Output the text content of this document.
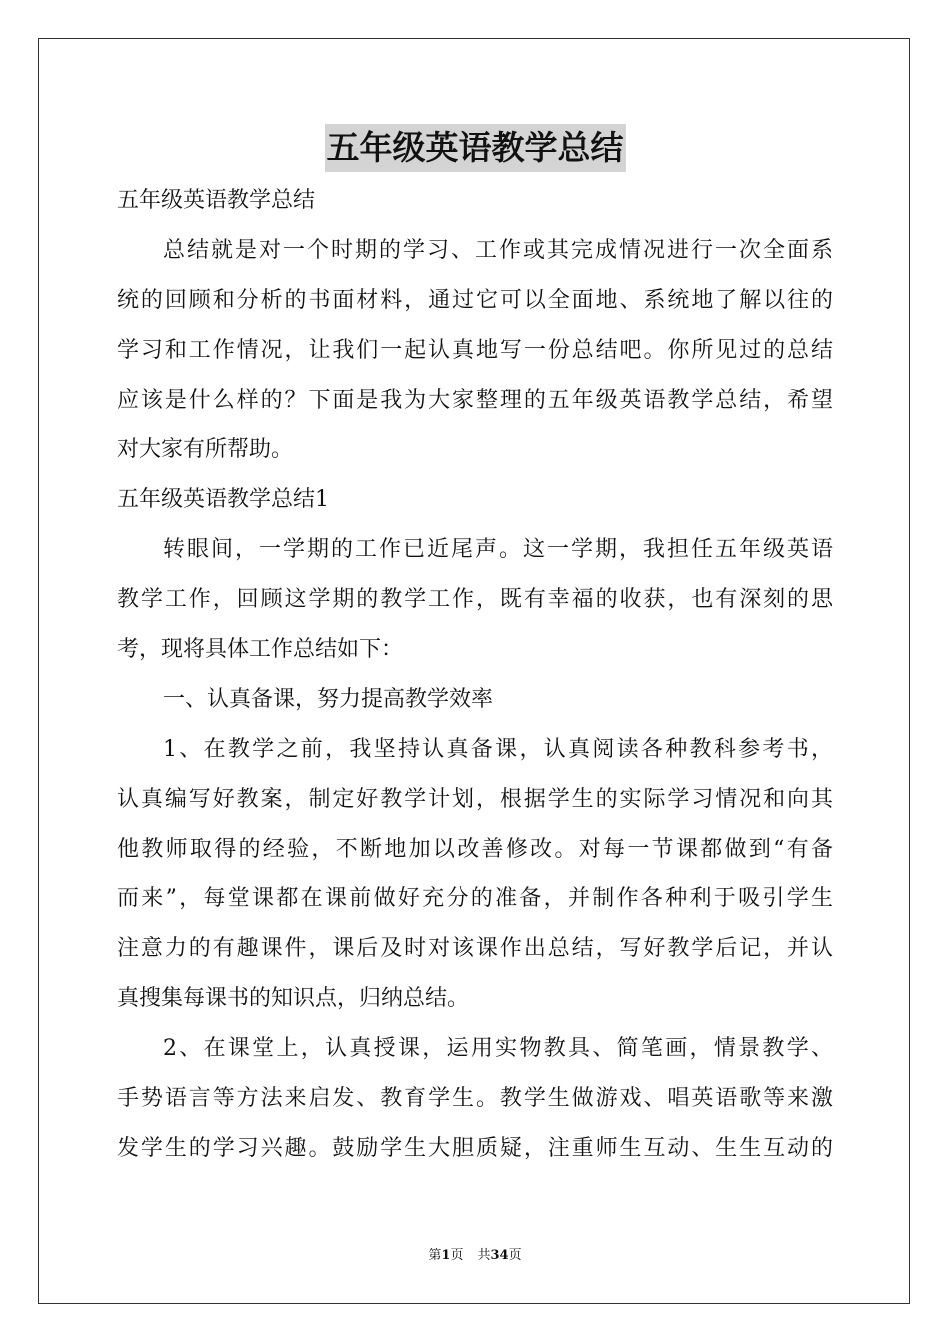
五年级英语教学总结
五年级英语教学总结
总结就是对一个时期的学习、工作或其完成情况进行一次全面系
统的回顾和分析的书面材料，通过它可以全面地、系统地了解以往的
学习和工作情况，让我们一起认真地写一份总结吧。你所见过的总结
应该是什么样的？下面是我为大家整理的五年级英语教学总结，希望
对大家有所帮助。
五年级英语教学总结1
转眼间，一学期的工作已近尾声。这一学期，我担任五年级英语
教学工作，回顾这学期的教学工作，既有幸福的收获，也有深刻的思
考，现将具体工作总结如下：
一、认真备课，努力提高教学效率
1、在教学之前，我坚持认真备课，认真阅读各种教科参考书，
认真编写好教案，制定好教学计划，根据学生的实际学习情况和向其
他教师取得的经验，不断地加以改善修改。对每一节课都做到“有备
而来”，每堂课都在课前做好充分的准备，并制作各种利于吸引学生
注意力的有趣课件，课后及时对该课作出总结，写好教学后记，并认
真搜集每课书的知识点，归纳总结。
2、在课堂上，认真授课，运用实物教具、简笔画，情景教学、
手势语言等方法来启发、教育学生。教学生做游戏、唱英语歌等来激
发学生的学习兴趣。鼓励学生大胆质疑，注重师生互动、生生互动的
第1页 共34页
